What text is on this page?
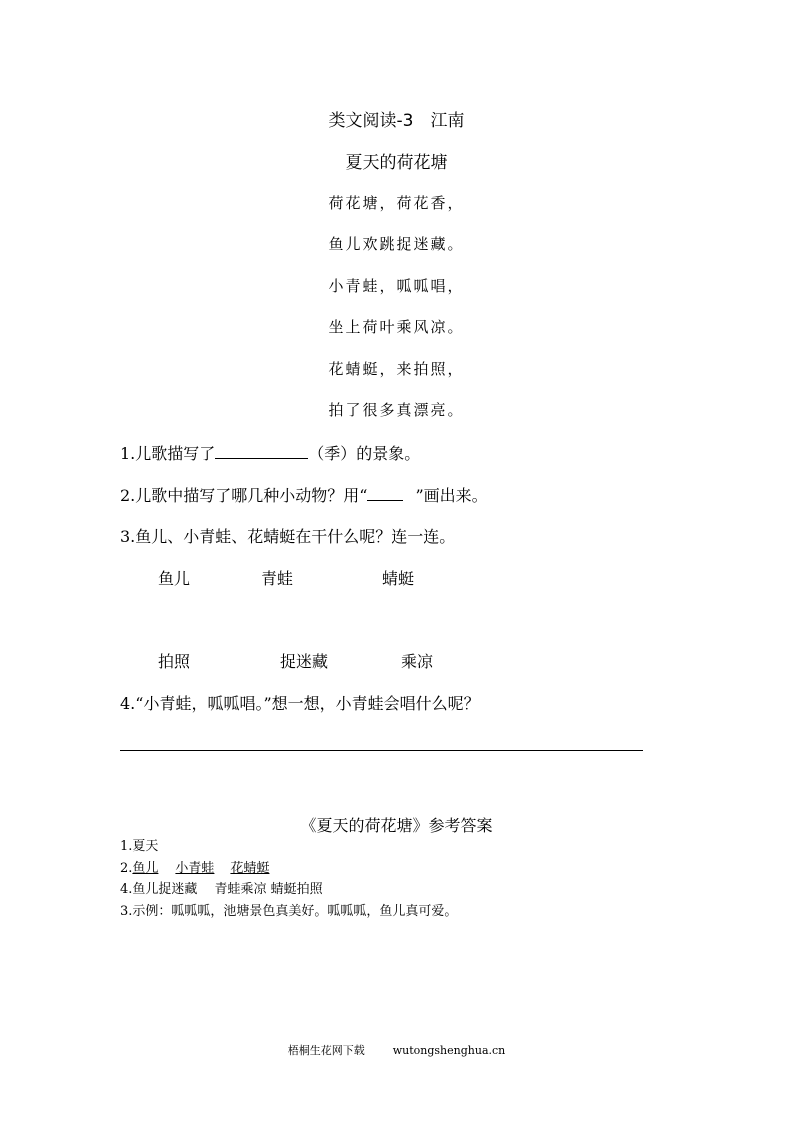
类文阅读-3　江南
夏天的荷花塘
荷花塘，荷花香，
鱼儿欢跳捉迷藏。
小青蛙，呱呱唱，
坐上荷叶乘风凉。
花蜻蜓，来拍照，
拍了很多真漂亮。
1.儿歌描写了	（季）的景象。
2.儿歌中描写了哪几种小动物？用“	”画出来。
3.鱼儿、小青蛙、花蜻蜓在干什么呢？连一连。
鱼儿	青蛙	蜻蜓
拍照	捉迷藏	乘凉
4.“小青蛙，呱呱唱。”想一想，小青蛙会唱什么呢？
《夏天的荷花塘》参考答案
1.夏天
2.鱼儿 小青蛙 花蜻蜓
4.鱼儿捉迷藏　 青蛙乘凉 蜻蜓拍照
3.示例：呱呱呱，池塘景色真美好。呱呱呱，鱼儿真可爱。
梧桐生花网下载	wutongshenghua.cn
